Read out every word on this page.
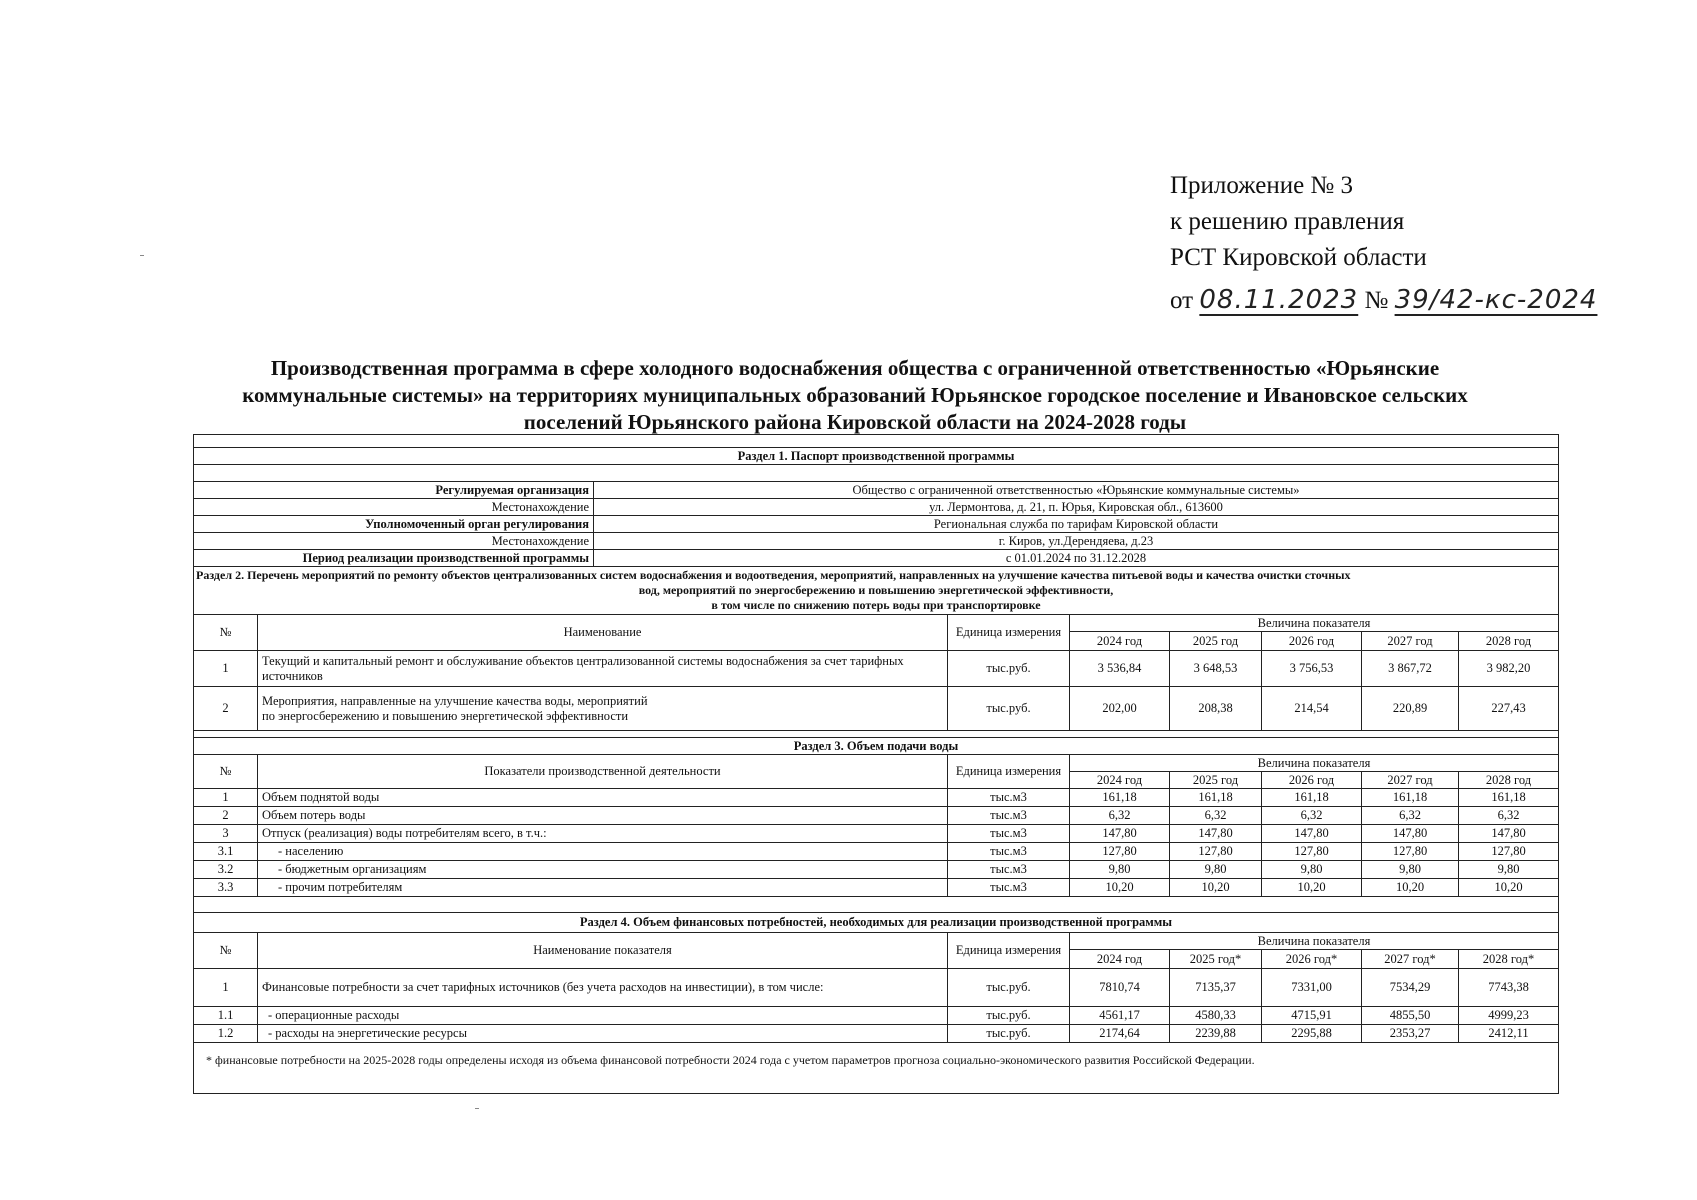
Приложение № 3
к решению правления
РСТ Кировской области
от 08.11.2023 № 39/42-кс-2024
Производственная программа в сфере холодного водоснабжения общества с ограниченной ответственностью «Юрьянские
коммунальные системы» на территориях муниципальных образований Юрьянское городское поселение и Ивановское сельских
поселений Юрьянского района Кировской области на 2024-2028 годы
Раздел 1. Паспорт производственной программы	

Регулируемая организация	Общество с ограниченной ответственностью «Юрьянские коммунальные системы»
Местонахождение	ул. Лермонтова, д. 21, п. Юрья, Кировская обл., 613600
Уполномоченный орган регулирования	Региональная служба по тарифам Кировской области
Местонахождение	г. Киров, ул.Дерендяева, д.23
Период реализации производственной программы	с 01.01.2024 по 31.12.2028
Раздел 2. Перечень мероприятий по ремонту объектов централизованных систем водоснабжения и водоотведения, мероприятий, направленных на улучшение качества питьевой воды и качества очистки сточных
вод, мероприятий по энергосбережению и повышению энергетической эффективности,
в том числе по снижению потерь воды при транспортировке							

№	Наименование	Единица измерения	Величина показателя				
			2024 год	2025 год	2026 год	2027 год	2028 год
1	Текущий и капитальный ремонт и обслуживание объектов централизованной системы водоснабжения за счет тарифных источников	тыс.руб.	3 536,84	3 648,53	3 756,53	3 867,72	3 982,20
2	Мероприятия, направленные на улучшение качества воды, мероприятий
по энергосбережению и повышению энергетической эффективности	тыс.руб.	202,00	208,38	214,54	220,89	227,43
Раздел 3. Объем подачи воды							
№	Показатели производственной деятельности	Единица измерения	Величина показателя				
			2024 год	2025 год	2026 год	2027 год	2028 год
1	Объем поднятой воды	тыс.м3	161,18	161,18	161,18	161,18	161,18
2	Объем потерь воды	тыс.м3	6,32	6,32	6,32	6,32	6,32
3	Отпуск (реализация) воды потребителям всего, в т.ч.:	тыс.м3	147,80	147,80	147,80	147,80	147,80
3.1	- населению	тыс.м3	127,80	127,80	127,80	127,80	127,80
3.2	- бюджетным организациям	тыс.м3	9,80	9,80	9,80	9,80	9,80
3.3	- прочим потребителям	тыс.м3	10,20	10,20	10,20	10,20	10,20
Раздел 4. Объем финансовых потребностей, необходимых для реализации производственной программы							
№	Наименование показателя	Единица измерения	Величина показателя				
			2024 год	2025 год*	2026 год*	2027 год*	2028 год*
1	Финансовые потребности за счет тарифных источников (без учета расходов на инвестиции), в том числе:	тыс.руб.	7810,74	7135,37	7331,00	7534,29	7743,38
1.1	- операционные расходы	тыс.руб.	4561,17	4580,33	4715,91	4855,50	4999,23
1.2	- расходы на энергетические ресурсы	тыс.руб.	2174,64	2239,88	2295,88	2353,27	2412,11
* финансовые потребности на 2025-2028 годы определены исходя из объема финансовой потребности 2024 года с учетом параметров прогноза социально-экономического развития Российской Федерации.
